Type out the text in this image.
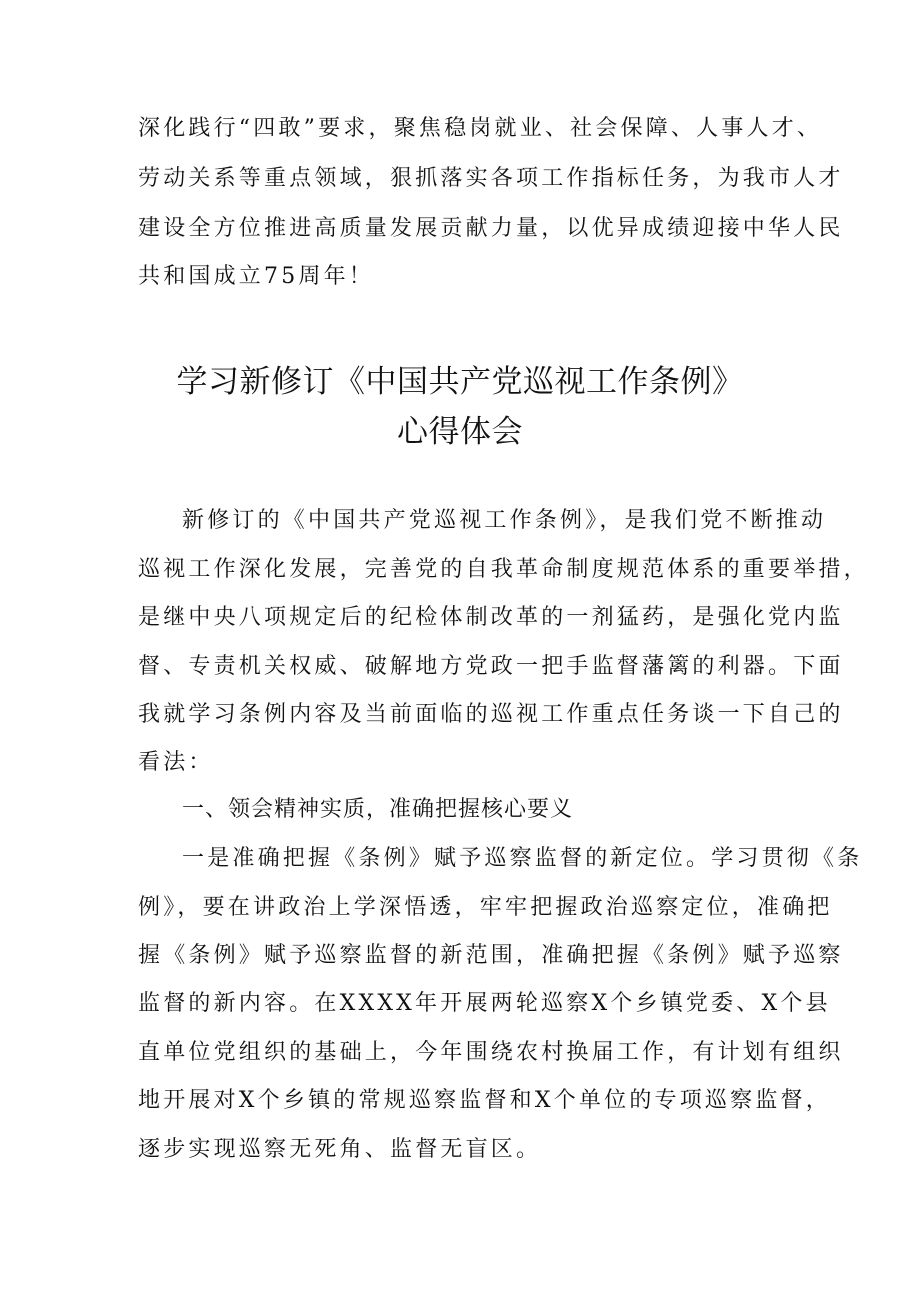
深化践行“四敢”要求，聚焦稳岗就业、社会保障、人事人才、
劳动关系等重点领域，狠抓落实各项工作指标任务，为我市人才
建设全方位推进高质量发展贡献力量，以优异成绩迎接中华人民
共和国成立75周年！
学习新修订《中国共产党巡视工作条例》
心得体会
新修订的《中国共产党巡视工作条例》，是我们党不断推动
巡视工作深化发展，完善党的自我革命制度规范体系的重要举措，
是继中央八项规定后的纪检体制改革的一剂猛药，是强化党内监
督、专责机关权威、破解地方党政一把手监督藩篱的利器。下面
我就学习条例内容及当前面临的巡视工作重点任务谈一下自己的
看法：
一、领会精神实质，准确把握核心要义
一是准确把握《条例》赋予巡察监督的新定位。学习贯彻《条
例》，要在讲政治上学深悟透，牢牢把握政治巡察定位，准确把
握《条例》赋予巡察监督的新范围，准确把握《条例》赋予巡察
监督的新内容。在XXXX年开展两轮巡察X个乡镇党委、X个县
直单位党组织的基础上，今年围绕农村换届工作，有计划有组织
地开展对X个乡镇的常规巡察监督和X个单位的专项巡察监督，
逐步实现巡察无死角、监督无盲区。
